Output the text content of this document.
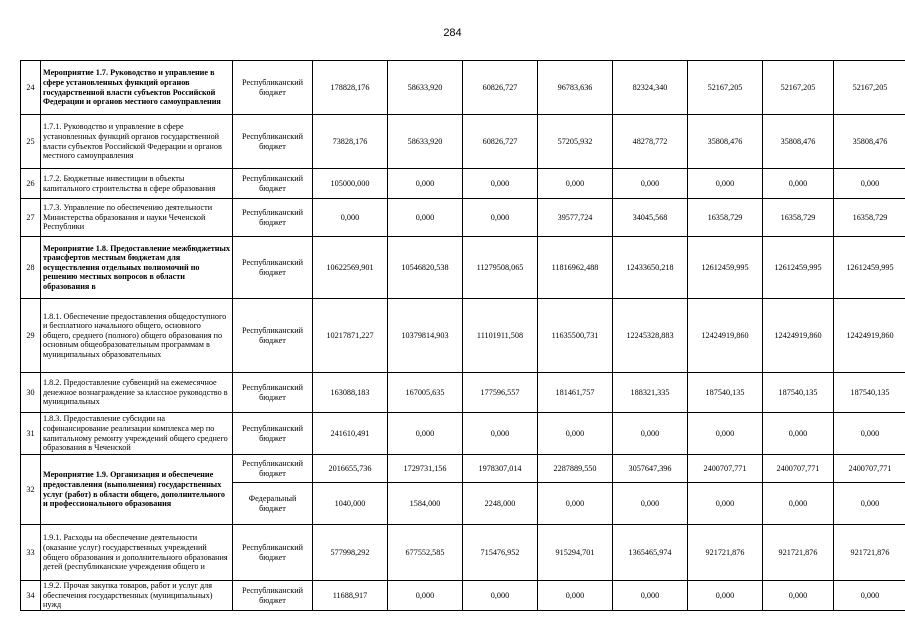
284
24	Мероприятие 1.7. Руководство и управление в сфере установленных функций органов государственной власти субъектов Российской Федерации и органов местного самоуправления	Республиканский бюджет	178828,176	58633,920	60826,727	96783,636	82324,340	52167,205	52167,205	52167,205
25	1.7.1. Руководство и управление в сфере установленных функций органов государственной власти субъектов Российской Федерации и органов местного самоуправления	Республиканский бюджет	73828,176	58633,920	60826,727	57205,932	48278,772	35808,476	35808,476	35808,476
26	1.7.2. Бюджетные инвестиции в объекты капитального строительства в сфере образования	Республиканский бюджет	105000,000	0,000	0,000	0,000	0,000	0,000	0,000	0,000
27	1.7.3. Управление по обеспечению деятельности Министерства образования и науки Чеченской Республики	Республиканский бюджет	0,000	0,000	0,000	39577,724	34045,568	16358,729	16358,729	16358,729
28	Мероприятие 1.8. Предоставление межбюджетных трансфертов местным бюджетам для осуществления отдельных полномочий по решению местных вопросов в области образования в	Республиканский бюджет	10622569,901	10546820,538	11279508,065	11816962,488	12433650,218	12612459,995	12612459,995	12612459,995
29	1.8.1. Обеспечение предоставления общедоступного и бесплатного начального общего, основного общего, среднего (полного) общего образования по основным общеобразовательным программам в муниципальных образовательных	Республиканский бюджет	10217871,227	10379814,903	11101911,508	11635500,731	12245328,883	12424919,860	12424919,860	12424919,860
30	1.8.2. Предоставление субвенций на ежемесячное денежное вознаграждение за классное руководство в муниципальных	Республиканский бюджет	163088,183	167005,635	177596,557	181461,757	188321,335	187540,135	187540,135	187540,135
31	1.8.3. Предоставление субсидии на софинансирование реализации комплекса мер по капитальному ремонту учреждений общего среднего образования в Чеченской	Республиканский бюджет	241610,491	0,000	0,000	0,000	0,000	0,000	0,000	0,000
32	Мероприятие 1.9. Организация и обеспечение предоставления (выполнения) государственных услуг (работ) в области общего, дополнительного и профессионального образования	Республиканский бюджет	2016655,736	1729731,156	1978307,014	2287889,550	3057647,396	2400707,771	2400707,771	2400707,771
		Федеральный бюджет	1040,000	1584,000	2248,000	0,000	0,000	0,000	0,000	0,000
33	1.9.1. Расходы на обеспечение деятельности (оказание услуг) государственных учреждений общего образования и дополнительного образования детей (республиканские учреждения общего и	Республиканский бюджет	577998,292	677552,585	715476,952	915294,701	1365465,974	921721,876	921721,876	921721,876
34	1.9.2. Прочая закупка товаров, работ и услуг для обеспечения государственных (муниципальных) нужд	Республиканский бюджет	11688,917	0,000	0,000	0,000	0,000	0,000	0,000	0,000
